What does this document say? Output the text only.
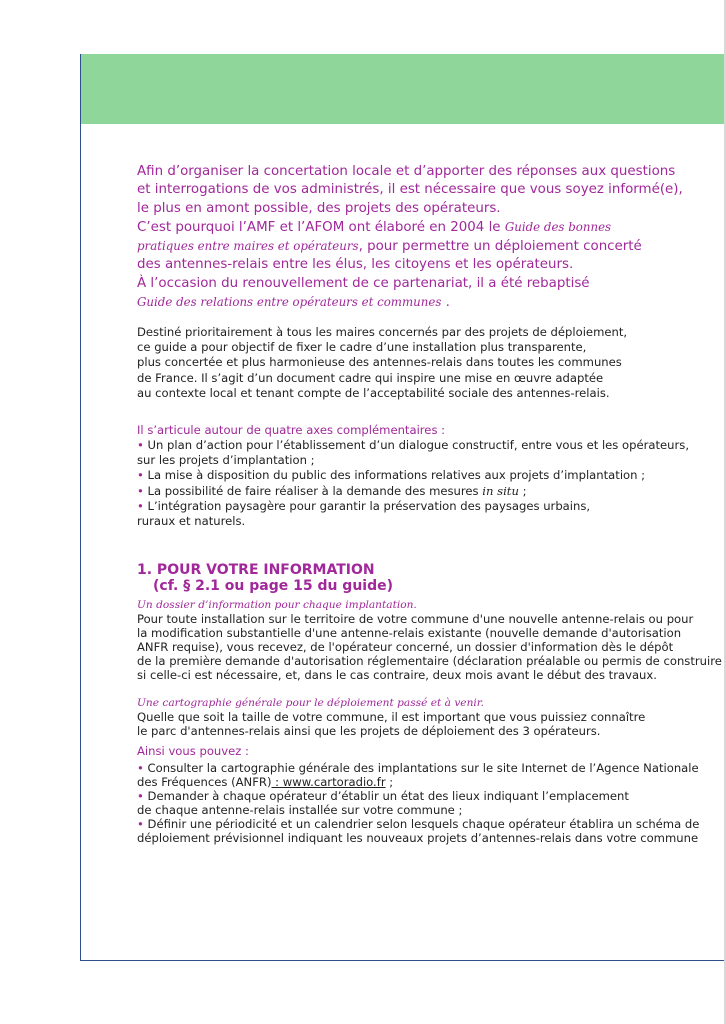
Afin d’organiser la concertation locale et d’apporter des réponses aux questions
et interrogations de vos administrés, il est nécessaire que vous soyez informé(e),
le plus en amont possible, des projets des opérateurs.
C’est pourquoi l’AMF et l’AFOM ont élaboré en 2004 le Guide des bonnes
pratiques entre maires et opérateurs, pour permettre un déploiement concerté
des antennes-relais entre les élus, les citoyens et les opérateurs.
À l’occasion du renouvellement de ce partenariat, il a été rebaptisé
Guide des relations entre opérateurs et communes .

Destiné prioritairement à tous les maires concernés par des projets de déploiement,
ce guide a pour objectif de fixer le cadre d’une installation plus transparente,
plus concertée et plus harmonieuse des antennes-relais dans toutes les communes
de France. Il s’agit d’un document cadre qui inspire une mise en œuvre adaptée
au contexte local et tenant compte de l’acceptabilité sociale des antennes-relais.

Il s’articule autour de quatre axes complémentaires :

• Un plan d’action pour l’établissement d’un dialogue constructif, entre vous et les opérateurs,
sur les projets d’implantation ;
• La mise à disposition du public des informations relatives aux projets d’implantation ;
• La possibilité de faire réaliser à la demande des mesures in situ ;
• L’intégration paysagère pour garantir la préservation des paysages urbains,
ruraux et naturels.

1. POUR VOTRE INFORMATION

(cf. § 2.1 ou page 15 du guide)

Un dossier d’information pour chaque implantation.

Pour toute installation sur le territoire de votre commune d'une nouvelle antenne-relais ou pour
la modification substantielle d'une antenne-relais existante (nouvelle demande d'autorisation
ANFR requise), vous recevez, de l'opérateur concerné, un dossier d'information dès le dépôt
de la première demande d'autorisation réglementaire (déclaration préalable ou permis de construire
si celle-ci est nécessaire, et, dans le cas contraire, deux mois avant le début des travaux.

Une cartographie générale pour le déploiement passé et à venir.

Quelle que soit la taille de votre commune, il est important que vous puissiez connaître
le parc d'antennes-relais ainsi que les projets de déploiement des 3 opérateurs.

Ainsi vous pouvez :

• Consulter la cartographie générale des implantations sur le site Internet de l’Agence Nationale
des Fréquences (ANFR) : www.cartoradio.fr ;
• Demander à chaque opérateur d’établir un état des lieux indiquant l’emplacement
de chaque antenne-relais installée sur votre commune ;
• Définir une périodicité et un calendrier selon lesquels chaque opérateur établira un schéma de
déploiement prévisionnel indiquant les nouveaux projets d’antennes-relais dans votre commune
